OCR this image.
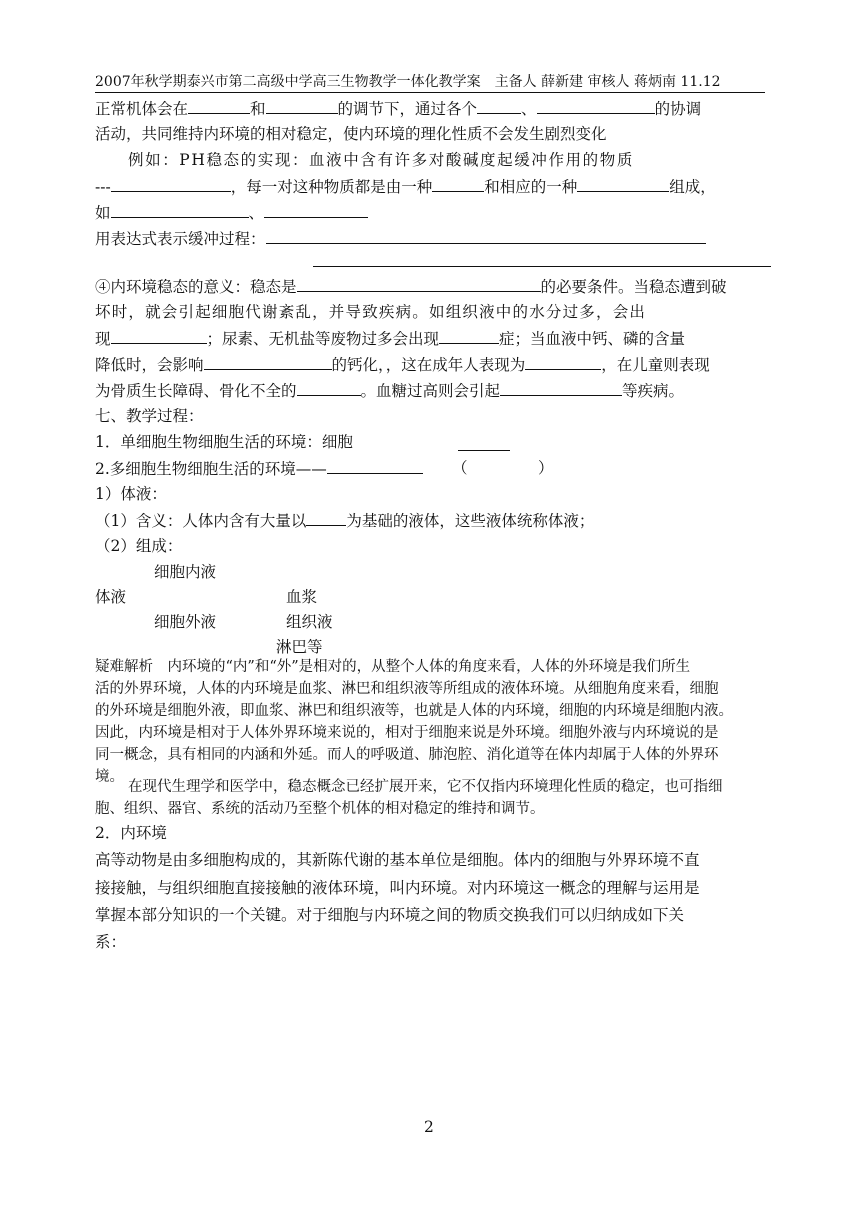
2007年秋学期泰兴市第二高级中学高三生物教学一体化教学案　主备人 薛新建 审核人 蒋炳南 11.12
正常机体会在	和	的调节下，通过各个	、	的协调
活动，共同维持内环境的相对稳定，使内环境的理化性质不会发生剧烈变化
例如：PH稳态的实现：血液中含有许多对酸碱度起缓冲作用的物质
---	，每一对这种物质都是由一种	和相应的一种	组成，
如	、
用表达式表示缓冲过程：
④内环境稳态的意义：稳态是	的必要条件。当稳态遭到破
坏时，就会引起细胞代谢紊乱，并导致疾病。如组织液中的水分过多，会出
现	；尿素、无机盐等废物过多会出现	症；当血液中钙、磷的含量
降低时，会影响	的钙化，，这在成年人表现为	，在儿童则表现
为骨质生长障碍、骨化不全的	。血糖过高则会引起	等疾病。
七、教学过程：
1．单细胞生物细胞生活的环境：细胞
2.多细胞生物细胞生活的环境——	（	）
1）体液：
（1）含义：人体内含有大量以	为基础的液体，这些液体统称体液；
（2）组成：
细胞内液
体液	血浆
细胞外液	组织液
淋巴等
疑难解析　内环境的“内”和“外”是相对的，从整个人体的角度来看，人体的外环境是我们所生
活的外界环境，人体的内环境是血浆、淋巴和组织液等所组成的液体环境。从细胞角度来看，细胞
的外环境是细胞外液，即血浆、淋巴和组织液等，也就是人体的内环境，细胞的内环境是细胞内液。
因此，内环境是相对于人体外界环境来说的，相对于细胞来说是外环境。细胞外液与内环境说的是
同一概念，具有相同的内涵和外延。而人的呼吸道、肺泡腔、消化道等在体内却属于人体的外界环
境。
在现代生理学和医学中，稳态概念已经扩展开来，它不仅指内环境理化性质的稳定，也可指细
胞、组织、器官、系统的活动乃至整个机体的相对稳定的维持和调节。
2．内环境
高等动物是由多细胞构成的，其新陈代谢的基本单位是细胞。体内的细胞与外界环境不直
接接触，与组织细胞直接接触的液体环境，叫内环境。对内环境这一概念的理解与运用是
掌握本部分知识的一个关键。对于细胞与内环境之间的物质交换我们可以归纳成如下关
系：
2
